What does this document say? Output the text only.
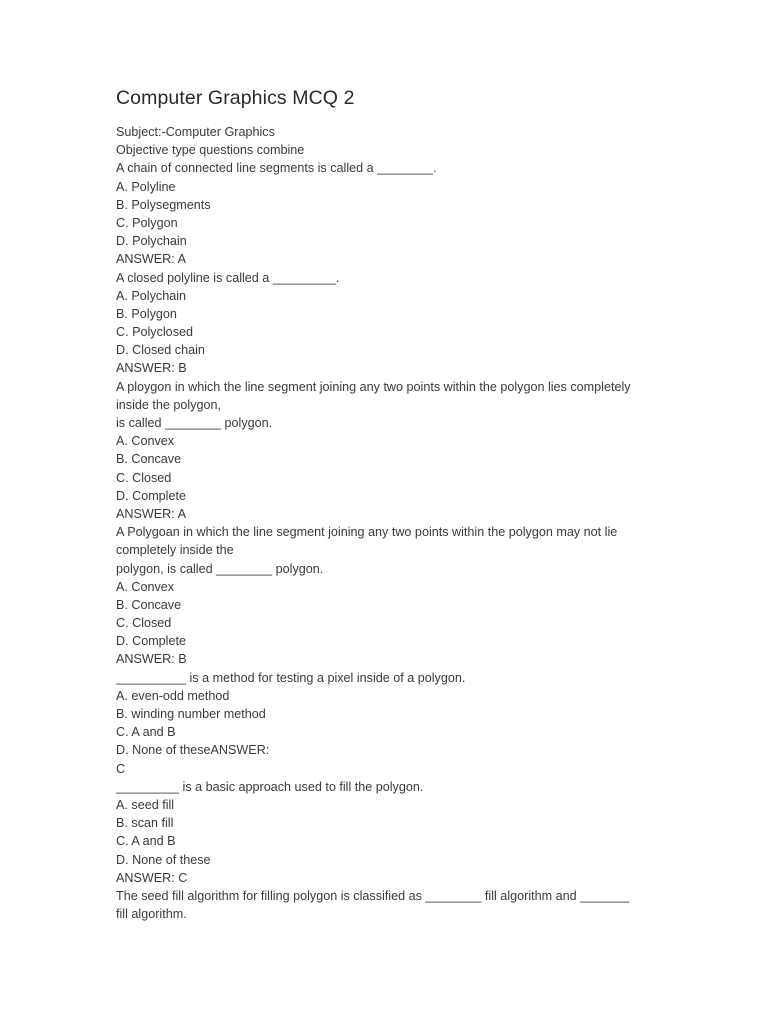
Computer Graphics MCQ 2
Subject:-Computer Graphics
Objective type questions combine
A chain of connected line segments is called a ________.
A. Polyline
B. Polysegments
C. Polygon
D. Polychain
ANSWER: A
A closed polyline is called a _________.
A. Polychain
B. Polygon
C. Polyclosed
D. Closed chain
ANSWER: B
A ploygon in which the line segment joining any two points within the polygon lies completely
inside the polygon,
is called ________ polygon.
A. Convex
B. Concave
C. Closed
D. Complete
ANSWER: A
A Polygoan in which the line segment joining any two points within the polygon may not lie
completely inside the
polygon, is called ________ polygon.
A. Convex
B. Concave
C. Closed
D. Complete
ANSWER: B
__________ is a method for testing a pixel inside of a polygon.
A. even-odd method
B. winding number method
C. A and B
D. None of theseANSWER:
C
_________ is a basic approach used to fill the polygon.
A. seed fill
B. scan fill
C. A and B
D. None of these
ANSWER: C
The seed fill algorithm for filling polygon is classified as ________ fill algorithm and _______
fill algorithm.
